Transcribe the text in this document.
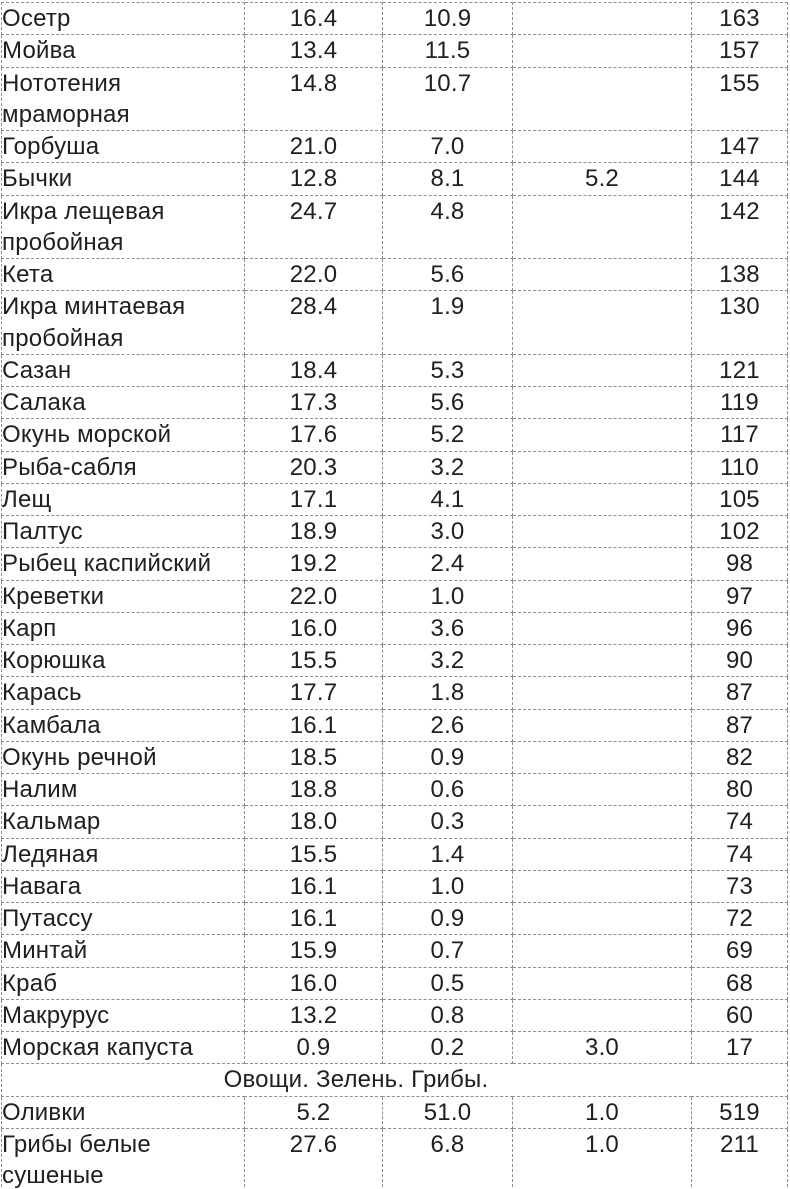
Осетр	16.4	10.9		163
Мойва	13.4	11.5		157
Нототения мраморная	14.8	10.7		155
Горбуша	21.0	7.0		147
Бычки	12.8	8.1	5.2	144
Икра лещевая пробойная	24.7	4.8		142
Кета	22.0	5.6		138
Икра минтаевая пробойная	28.4	1.9		130
Сазан	18.4	5.3		121
Салака	17.3	5.6		119
Окунь морской	17.6	5.2		117
Рыба-сабля	20.3	3.2		110
Лещ	17.1	4.1		105
Палтус	18.9	3.0		102
Рыбец каспийский	19.2	2.4		98
Креветки	22.0	1.0		97
Карп	16.0	3.6		96
Корюшка	15.5	3.2		90
Карась	17.7	1.8		87
Камбала	16.1	2.6		87
Окунь речной	18.5	0.9		82
Налим	18.8	0.6		80
Кальмар	18.0	0.3		74
Ледяная	15.5	1.4		74
Навага	16.1	1.0		73
Путассу	16.1	0.9		72
Минтай	15.9	0.7		69
Краб	16.0	0.5		68
Макрурус	13.2	0.8		60
Морская капуста	0.9	0.2	3.0	17
Овощи. Зелень. Грибы.				
Оливки	5.2	51.0	1.0	519
Грибы белые сушеные	27.6	6.8	1.0	211
